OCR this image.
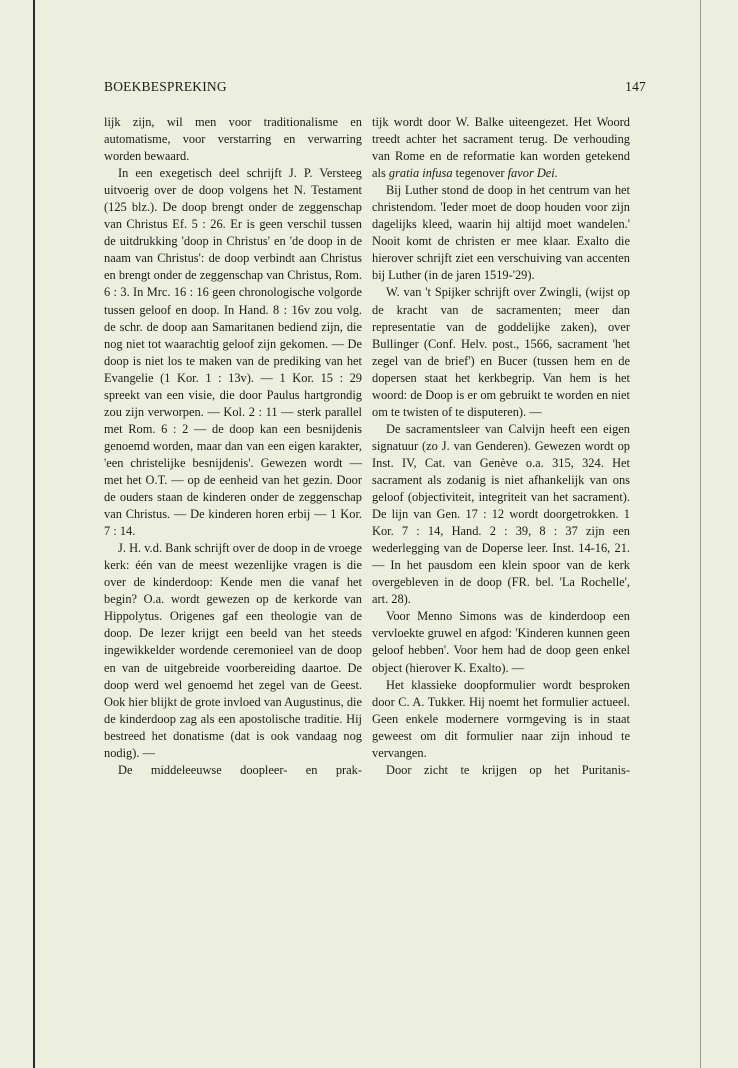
BOEKBESPREKING	147

lijk zijn, wil men voor traditionalisme en automatisme, voor verstarring en verwarring worden bewaard.

In een exegetisch deel schrijft J. P. Versteeg uitvoerig over de doop volgens het N. Testament (125 blz.). De doop brengt onder de zeggenschap van Christus Ef. 5 : 26. Er is geen verschil tussen de uitdrukking 'doop in Christus' en 'de doop in de naam van Christus': de doop verbindt aan Christus en brengt onder de zeggenschap van Christus, Rom. 6 : 3. In Mrc. 16 : 16 geen chronologische volgorde tussen geloof en doop. In Hand. 8 : 16v zou volg. de schr. de doop aan Samaritanen bediend zijn, die nog niet tot waarachtig geloof zijn gekomen. — De doop is niet los te maken van de prediking van het Evangelie (1 Kor. 1 : 13v). — 1 Kor. 15 : 29 spreekt van een visie, die door Paulus hartgrondig zou zijn verworpen. — Kol. 2 : 11 — sterk parallel met Rom. 6 : 2 — de doop kan een besnijdenis genoemd worden, maar dan van een eigen karakter, 'een christelijke besnijdenis'. Gewezen wordt — met het O.T. — op de eenheid van het gezin. Door de ouders staan de kinderen onder de zeggenschap van Christus. — De kinderen horen erbij — 1 Kor. 7 : 14.

J. H. v.d. Bank schrijft over de doop in de vroege kerk: één van de meest wezenlijke vragen is die over de kinderdoop: Kende men die vanaf het begin? O.a. wordt gewezen op de kerkorde van Hippolytus. Origenes gaf een theologie van de doop. De lezer krijgt een beeld van het steeds ingewikkelder wordende ceremonieel van de doop en van de uitgebreide voorbereiding daartoe. De doop werd wel genoemd het zegel van de Geest. Ook hier blijkt de grote invloed van Augustinus, die de kinderdoop zag als een apostolische traditie. Hij bestreed het donatisme (dat is ook vandaag nog nodig). —

De middeleeuwse doopleer- en prak-

tijk wordt door W. Balke uiteengezet. Het Woord treedt achter het sacrament terug. De verhouding van Rome en de reformatie kan worden getekend als gratia infusa tegenover favor Dei.

Bij Luther stond de doop in het centrum van het christendom. 'Ieder moet de doop houden voor zijn dagelijks kleed, waarin hij altijd moet wandelen.' Nooit komt de christen er mee klaar. Exalto die hierover schrijft ziet een verschuiving van accenten bij Luther (in de jaren 1519-'29).

W. van 't Spijker schrijft over Zwingli, (wijst op de kracht van de sacramenten; meer dan representatie van de goddelijke zaken), over Bullinger (Conf. Helv. post., 1566, sacrament 'het zegel van de brief') en Bucer (tussen hem en de dopersen staat het kerkbegrip. Van hem is het woord: de Doop is er om gebruikt te worden en niet om te twisten of te disputeren). —

De sacramentsleer van Calvijn heeft een eigen signatuur (zo J. van Genderen). Gewezen wordt op Inst. IV, Cat. van Genève o.a. 315, 324. Het sacrament als zodanig is niet afhankelijk van ons geloof (objectiviteit, integriteit van het sacrament). De lijn van Gen. 17 : 12 wordt doorgetrokken. 1 Kor. 7 : 14, Hand. 2 : 39, 8 : 37 zijn een wederlegging van de Doperse leer. Inst. 14-16, 21. — In het pausdom een klein spoor van de kerk overgebleven in de doop (FR. bel. 'La Rochelle', art. 28).

Voor Menno Simons was de kinderdoop een vervloekte gruwel en afgod: 'Kinderen kunnen geen geloof hebben'. Voor hem had de doop geen enkel object (hierover K. Exalto). —

Het klassieke doopformulier wordt besproken door C. A. Tukker. Hij noemt het formulier actueel. Geen enkele modernere vormgeving is in staat geweest om dit formulier naar zijn inhoud te vervangen.

Door zicht te krijgen op het Puritanis-
